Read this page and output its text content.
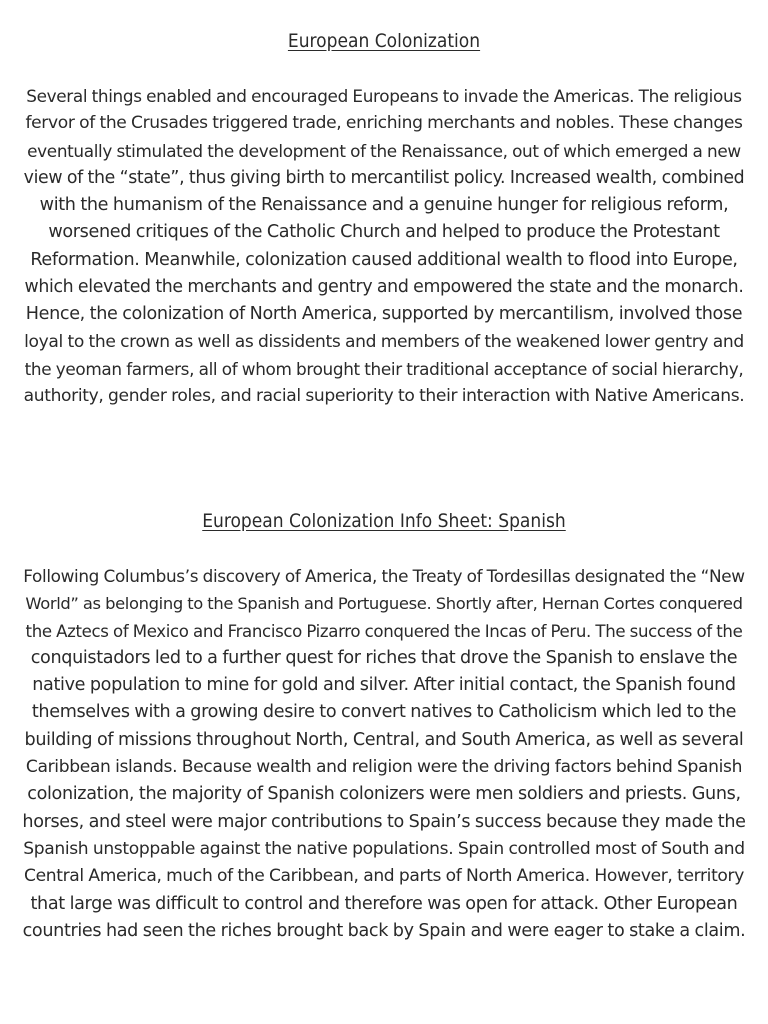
European Colonization
Several things enabled and encouraged Europeans to invade the Americas. The religious
fervor of the Crusades triggered trade, enriching merchants and nobles. These changes
eventually stimulated the development of the Renaissance, out of which emerged a new
view of the “state”, thus giving birth to mercantilist policy. Increased wealth, combined
with the humanism of the Renaissance and a genuine hunger for religious reform,
worsened critiques of the Catholic Church and helped to produce the Protestant
Reformation. Meanwhile, colonization caused additional wealth to flood into Europe,
which elevated the merchants and gentry and empowered the state and the monarch.
Hence, the colonization of North America, supported by mercantilism, involved those
loyal to the crown as well as dissidents and members of the weakened lower gentry and
the yeoman farmers, all of whom brought their traditional acceptance of social hierarchy,
authority, gender roles, and racial superiority to their interaction with Native Americans.
European Colonization Info Sheet: Spanish
Following Columbus’s discovery of America, the Treaty of Tordesillas designated the “New
World” as belonging to the Spanish and Portuguese. Shortly after, Hernan Cortes conquered
the Aztecs of Mexico and Francisco Pizarro conquered the Incas of Peru. The success of the
conquistadors led to a further quest for riches that drove the Spanish to enslave the
native population to mine for gold and silver. After initial contact, the Spanish found
themselves with a growing desire to convert natives to Catholicism which led to the
building of missions throughout North, Central, and South America, as well as several
Caribbean islands. Because wealth and religion were the driving factors behind Spanish
colonization, the majority of Spanish colonizers were men soldiers and priests. Guns,
horses, and steel were major contributions to Spain’s success because they made the
Spanish unstoppable against the native populations. Spain controlled most of South and
Central America, much of the Caribbean, and parts of North America. However, territory
that large was difficult to control and therefore was open for attack. Other European
countries had seen the riches brought back by Spain and were eager to stake a claim.
